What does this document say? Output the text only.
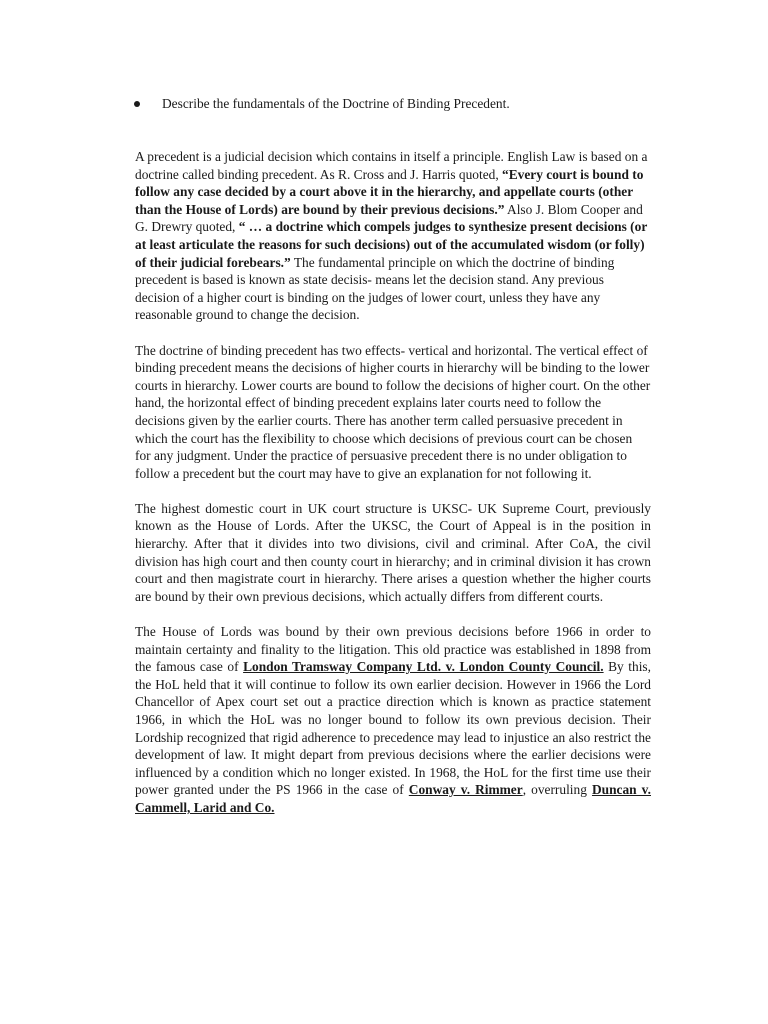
Describe the fundamentals of the Doctrine of Binding Precedent.

A precedent is a judicial decision which contains in itself a principle. English Law is based on a doctrine called binding precedent. As R. Cross and J. Harris quoted, “Every court is bound to follow any case decided by a court above it in the hierarchy, and appellate courts (other than the House of Lords) are bound by their previous decisions.” Also J. Blom Cooper and G. Drewry quoted, “ … a doctrine which compels judges to synthesize present decisions (or at least articulate the reasons for such decisions) out of the accumulated wisdom (or folly) of their judicial forebears.” The fundamental principle on which the doctrine of binding precedent is based is known as state decisis- means let the decision stand. Any previous decision of a higher court is binding on the judges of lower court, unless they have any reasonable ground to change the decision.

The doctrine of binding precedent has two effects- vertical and horizontal. The vertical effect of binding precedent means the decisions of higher courts in hierarchy will be binding to the lower courts in hierarchy. Lower courts are bound to follow the decisions of higher court. On the other hand, the horizontal effect of binding precedent explains later courts need to follow the decisions given by the earlier courts. There has another term called persuasive precedent in which the court has the flexibility to choose which decisions of previous court can be chosen for any judgment. Under the practice of persuasive precedent there is no under obligation to follow a precedent but the court may have to give an explanation for not following it.

The highest domestic court in UK court structure is UKSC- UK Supreme Court, previously known as the House of Lords. After the UKSC, the Court of Appeal is in the position in hierarchy. After that it divides into two divisions, civil and criminal. After CoA, the civil division has high court and then county court in hierarchy; and in criminal division it has crown court and then magistrate court in hierarchy. There arises a question whether the higher courts are bound by their own previous decisions, which actually differs from different courts.

The House of Lords was bound by their own previous decisions before 1966 in order to maintain certainty and finality to the litigation. This old practice was established in 1898 from the famous case of London Tramsway Company Ltd. v. London County Council. By this, the HoL held that it will continue to follow its own earlier decision. However in 1966 the Lord Chancellor of Apex court set out a practice direction which is known as practice statement 1966, in which the HoL was no longer bound to follow its own previous decision. Their Lordship recognized that rigid adherence to precedence may lead to injustice an also restrict the development of law. It might depart from previous decisions where the earlier decisions were influenced by a condition which no longer existed. In 1968, the HoL for the first time use their power granted under the PS 1966 in the case of Conway v. Rimmer, overruling Duncan v. Cammell, Larid and Co.
